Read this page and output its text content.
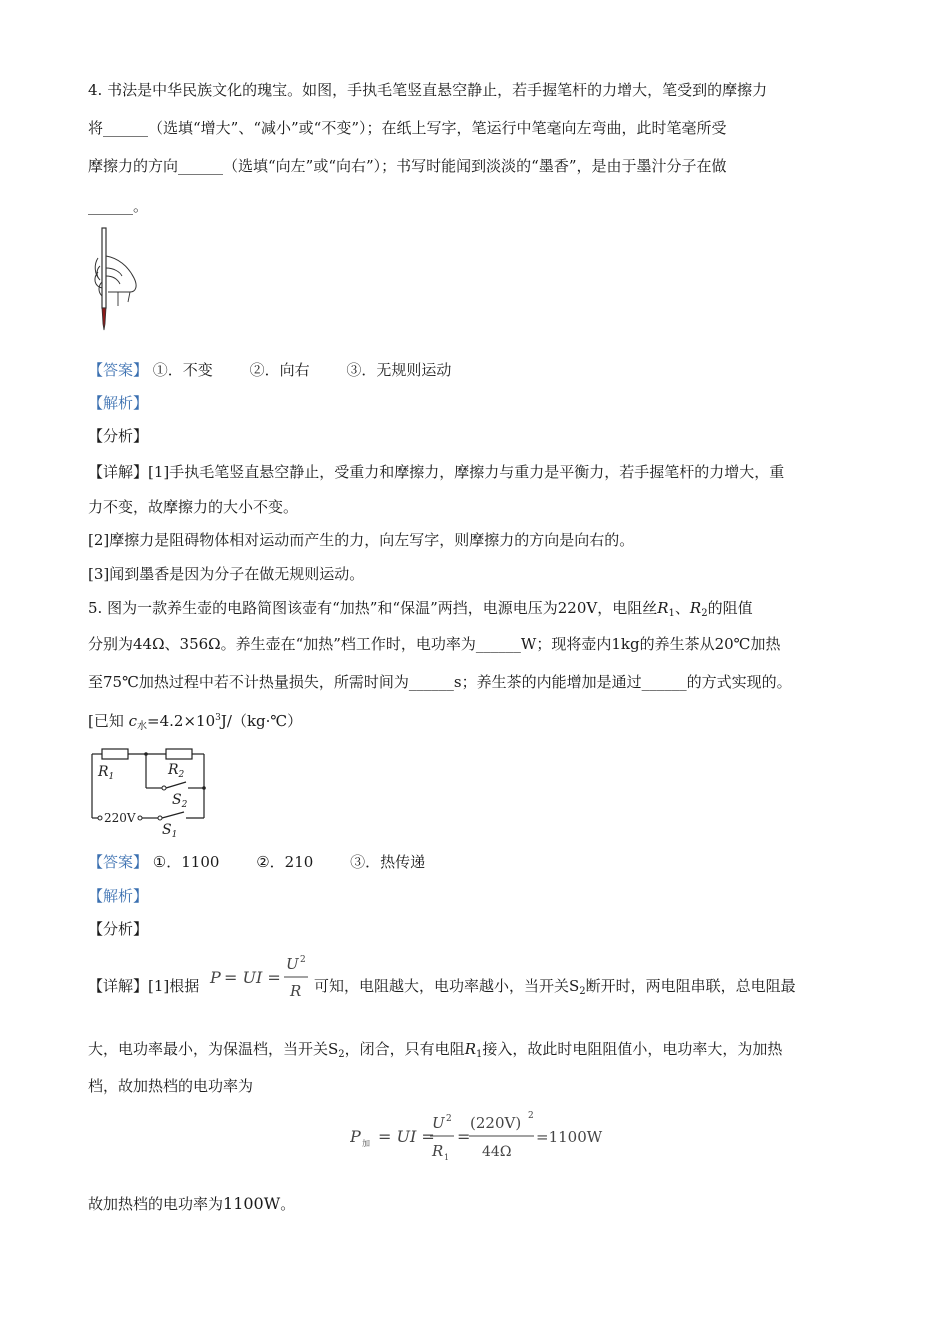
4. 书法是中华民族文化的瑰宝。如图，手执毛笔竖直悬空静止，若手握笔杆的力增大，笔受到的摩擦力
将______（选填“增大”、“减小”或“不变”）；在纸上写字，笔运行中笔毫向左弯曲，此时笔毫所受
摩擦力的方向______（选填“向左”或“向右”）；书写时能闻到淡淡的“墨香”，是由于墨汁分子在做
______。
【答案】 ①．不变 ②．向右 ③．无规则运动
【解析】
【分析】
【详解】[1]手执毛笔竖直悬空静止，受重力和摩擦力，摩擦力与重力是平衡力，若手握笔杆的力增大，重
力不变，故摩擦力的大小不变。
[2]摩擦力是阻碍物体相对运动而产生的力，向左写字，则摩擦力的方向是向右的。
[3]闻到墨香是因为分子在做无规则运动。
5. 图为一款养生壶的电路简图该壶有“加热”和“保温”两挡，电源电压为220V，电阻丝$R_1$、$R_2$的阻值
分别为44Ω、356Ω。养生壶在“加热”档工作时，电功率为______W；现将壶内1kg的养生茶从20℃加热
至75℃加热过程中若不计热量损失，所需时间为______s；养生茶的内能增加是通过______的方式实现的。
[已知 $c_水=4.2\times 10^3J/(kg\cdot℃)$
$R_1$	$R_2$
$S_2$
220V
$S_1$
【答案】 ①．1100 ②．210 ③．热传递
【解析】
【分析】
【详解】[1]根据 P = UI =
U 2
R 可知，电阻越大，电功率越小，当开关$S_2$断开时，两电阻串联，总电阻最
大，电功率最小，为保温档，当开关$S_2$，闭合，只有电阻$R_1$接入，故此时电阻阻值小，电功率大，为加热
档，故加热档的电功率为
P 加 = UI =
U 2
R 1
=
(220V) 2
44Ω
=1100W
故加热档的电功率为1100W。
